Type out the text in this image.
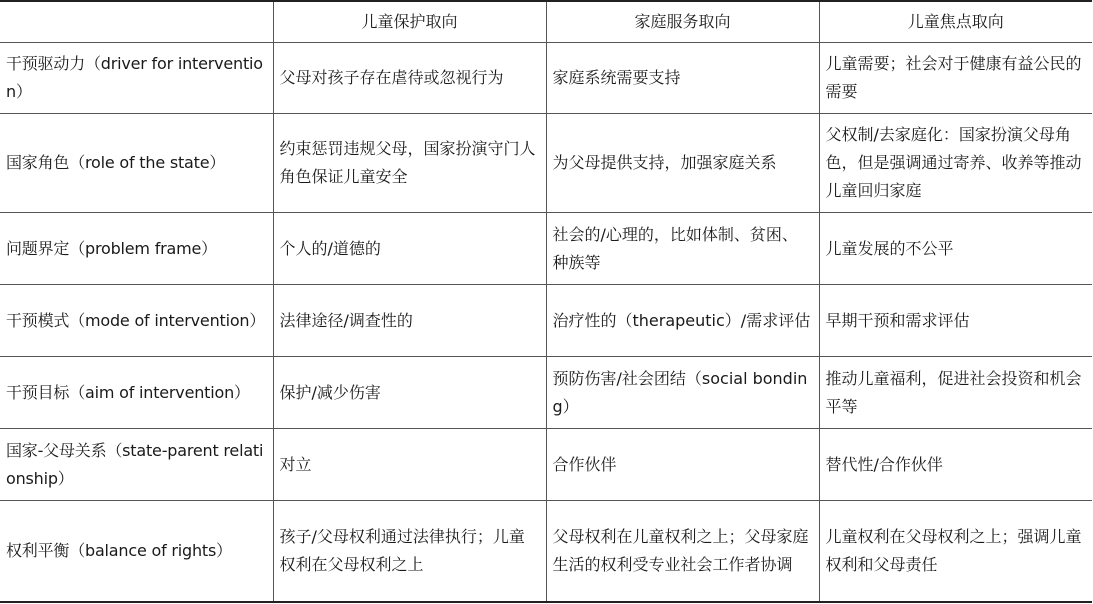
	儿童保护取向	家庭服务取向	儿童焦点取向
干预驱动力（driver for intervention）	父母对孩子存在虐待或忽视行为	家庭系统需要支持	儿童需要；社会对于健康有益公民的需要
国家角色（role of the state）	约束惩罚违规父母，国家扮演守门人角色保证儿童安全	为父母提供支持，加强家庭关系	父权制/去家庭化：国家扮演父母角色，但是强调通过寄养、收养等推动儿童回归家庭
问题界定（problem frame）	个人的/道德的	社会的/心理的，比如体制、贫困、种族等	儿童发展的不公平
干预模式（mode of intervention）	法律途径/调查性的	治疗性的（therapeutic）/需求评估	早期干预和需求评估
干预目标（aim of intervention）	保护/减少伤害	预防伤害/社会团结（social bonding）	推动儿童福利，促进社会投资和机会平等
国家-父母关系（state-parent relationship）	对立	合作伙伴	替代性/合作伙伴
权利平衡（balance of rights）	孩子/父母权利通过法律执行；儿童权利在父母权利之上	父母权利在儿童权利之上；父母家庭生活的权利受专业社会工作者协调	儿童权利在父母权利之上；强调儿童权利和父母责任
